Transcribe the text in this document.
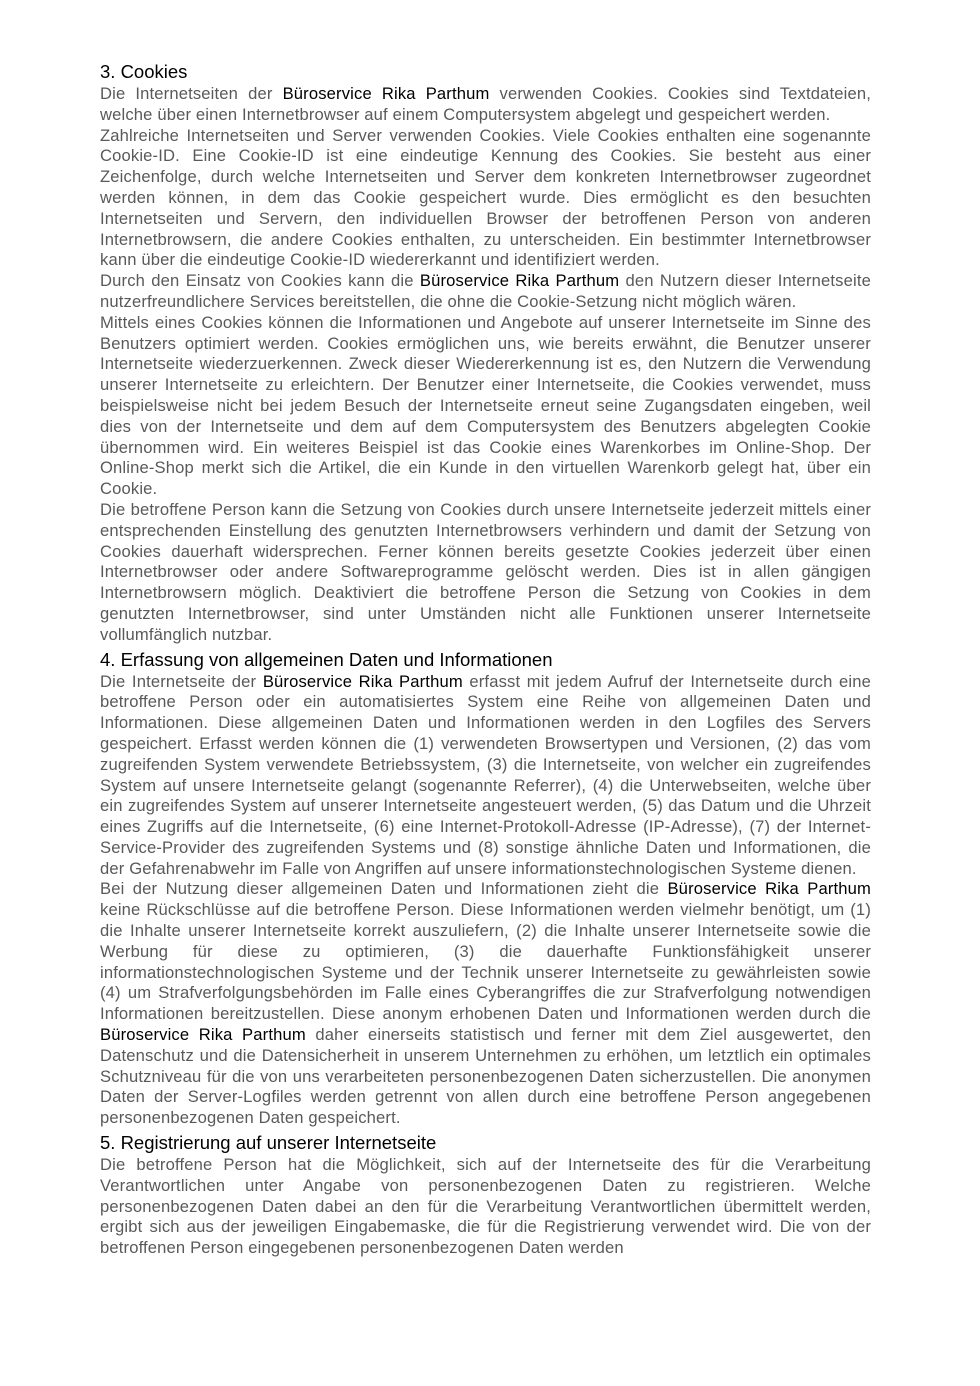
3. Cookies

Die Internetseiten der Büroservice Rika Parthum verwenden Cookies. Cookies sind Textdateien, welche über einen Internetbrowser auf einem Computersystem abgelegt und gespeichert werden.

Zahlreiche Internetseiten und Server verwenden Cookies. Viele Cookies enthalten eine sogenannte Cookie-ID. Eine Cookie-ID ist eine eindeutige Kennung des Cookies. Sie besteht aus einer Zeichenfolge, durch welche Internetseiten und Server dem konkreten Internetbrowser zugeordnet werden können, in dem das Cookie gespeichert wurde. Dies ermöglicht es den besuchten Internetseiten und Servern, den individuellen Browser der betroffenen Person von anderen Internetbrowsern, die andere Cookies enthalten, zu unterscheiden. Ein bestimmter Internetbrowser kann über die eindeutige Cookie-ID wiedererkannt und identifiziert werden.

Durch den Einsatz von Cookies kann die Büroservice Rika Parthum den Nutzern dieser Internetseite nutzerfreundlichere Services bereitstellen, die ohne die Cookie-Setzung nicht möglich wären.

Mittels eines Cookies können die Informationen und Angebote auf unserer Internetseite im Sinne des Benutzers optimiert werden. Cookies ermöglichen uns, wie bereits erwähnt, die Benutzer unserer Internetseite wiederzuerkennen. Zweck dieser Wiedererkennung ist es, den Nutzern die Verwendung unserer Internetseite zu erleichtern. Der Benutzer einer Internetseite, die Cookies verwendet, muss beispielsweise nicht bei jedem Besuch der Internetseite erneut seine Zugangsdaten eingeben, weil dies von der Internetseite und dem auf dem Computersystem des Benutzers abgelegten Cookie übernommen wird. Ein weiteres Beispiel ist das Cookie eines Warenkorbes im Online-Shop. Der Online-Shop merkt sich die Artikel, die ein Kunde in den virtuellen Warenkorb gelegt hat, über ein Cookie.

Die betroffene Person kann die Setzung von Cookies durch unsere Internetseite jederzeit mittels einer entsprechenden Einstellung des genutzten Internetbrowsers verhindern und damit der Setzung von Cookies dauerhaft widersprechen. Ferner können bereits gesetzte Cookies jederzeit über einen Internetbrowser oder andere Softwareprogramme gelöscht werden. Dies ist in allen gängigen Internetbrowsern möglich. Deaktiviert die betroffene Person die Setzung von Cookies in dem genutzten Internetbrowser, sind unter Umständen nicht alle Funktionen unserer Internetseite vollumfänglich nutzbar.

4. Erfassung von allgemeinen Daten und Informationen

Die Internetseite der Büroservice Rika Parthum erfasst mit jedem Aufruf der Internetseite durch eine betroffene Person oder ein automatisiertes System eine Reihe von allgemeinen Daten und Informationen. Diese allgemeinen Daten und Informationen werden in den Logfiles des Servers gespeichert. Erfasst werden können die (1) verwendeten Browsertypen und Versionen, (2) das vom zugreifenden System verwendete Betriebssystem, (3) die Internetseite, von welcher ein zugreifendes System auf unsere Internetseite gelangt (sogenannte Referrer), (4) die Unterwebseiten, welche über ein zugreifendes System auf unserer Internetseite angesteuert werden, (5) das Datum und die Uhrzeit eines Zugriffs auf die Internetseite, (6) eine Internet-Protokoll-Adresse (IP-Adresse), (7) der Internet-Service-Provider des zugreifenden Systems und (8) sonstige ähnliche Daten und Informationen, die der Gefahrenabwehr im Falle von Angriffen auf unsere informationstechnologischen Systeme dienen.

Bei der Nutzung dieser allgemeinen Daten und Informationen zieht die Büroservice Rika Parthum keine Rückschlüsse auf die betroffene Person. Diese Informationen werden vielmehr benötigt, um (1) die Inhalte unserer Internetseite korrekt auszuliefern, (2) die Inhalte unserer Internetseite sowie die Werbung für diese zu optimieren, (3) die dauerhafte Funktionsfähigkeit unserer informationstechnologischen Systeme und der Technik unserer Internetseite zu gewährleisten sowie (4) um Strafverfolgungsbehörden im Falle eines Cyberangriffes die zur Strafverfolgung notwendigen Informationen bereitzustellen. Diese anonym erhobenen Daten und Informationen werden durch die Büroservice Rika Parthum daher einerseits statistisch und ferner mit dem Ziel ausgewertet, den Datenschutz und die Datensicherheit in unserem Unternehmen zu erhöhen, um letztlich ein optimales Schutzniveau für die von uns verarbeiteten personenbezogenen Daten sicherzustellen. Die anonymen Daten der Server-Logfiles werden getrennt von allen durch eine betroffene Person angegebenen personenbezogenen Daten gespeichert.

5. Registrierung auf unserer Internetseite

Die betroffene Person hat die Möglichkeit, sich auf der Internetseite des für die Verarbeitung Verantwortlichen unter Angabe von personenbezogenen Daten zu registrieren. Welche personenbezogenen Daten dabei an den für die Verarbeitung Verantwortlichen übermittelt werden, ergibt sich aus der jeweiligen Eingabemaske, die für die Registrierung verwendet wird. Die von der betroffenen Person eingegebenen personenbezogenen Daten werden
